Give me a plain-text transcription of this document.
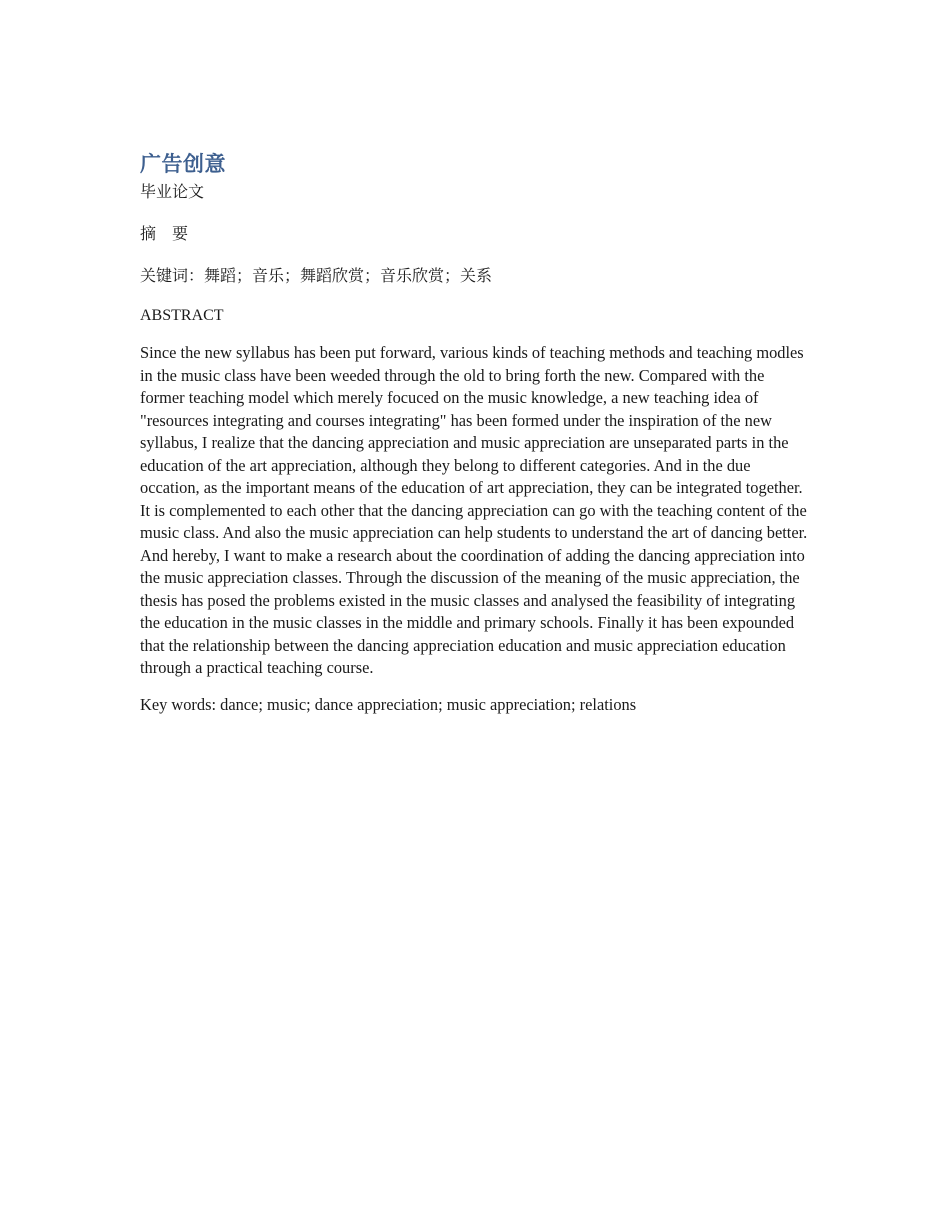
广告创意

毕业论文

摘 要

关键词：舞蹈；音乐；舞蹈欣赏；音乐欣赏；关系

ABSTRACT

Since the new syllabus has been put forward, various kinds of teaching methods and teaching modles in the music class have been weeded through the old to bring forth the new. Compared with the former teaching model which merely focuced on the music knowledge, a new teaching idea of "resources integrating and courses integrating" has been formed under the inspiration of the new syllabus, I realize that the dancing appreciation and music appreciation are unseparated parts in the education of the art appreciation, although they belong to different categories. And in the due occation, as the important means of the education of art appreciation, they can be integrated together. It is complemented to each other that the dancing appreciation can go with the teaching content of the music class. And also the music appreciation can help students to understand the art of dancing better. And hereby, I want to make a research about the coordination of adding the dancing appreciation into the music appreciation classes. Through the discussion of the meaning of the music appreciation, the thesis has posed the problems existed in the music classes and analysed the feasibility of integrating the education in the music classes in the middle and primary schools. Finally it has been expounded that the relationship between the dancing appreciation education and music appreciation education through a practical teaching course.

Key words: dance; music; dance appreciation; music appreciation; relations
